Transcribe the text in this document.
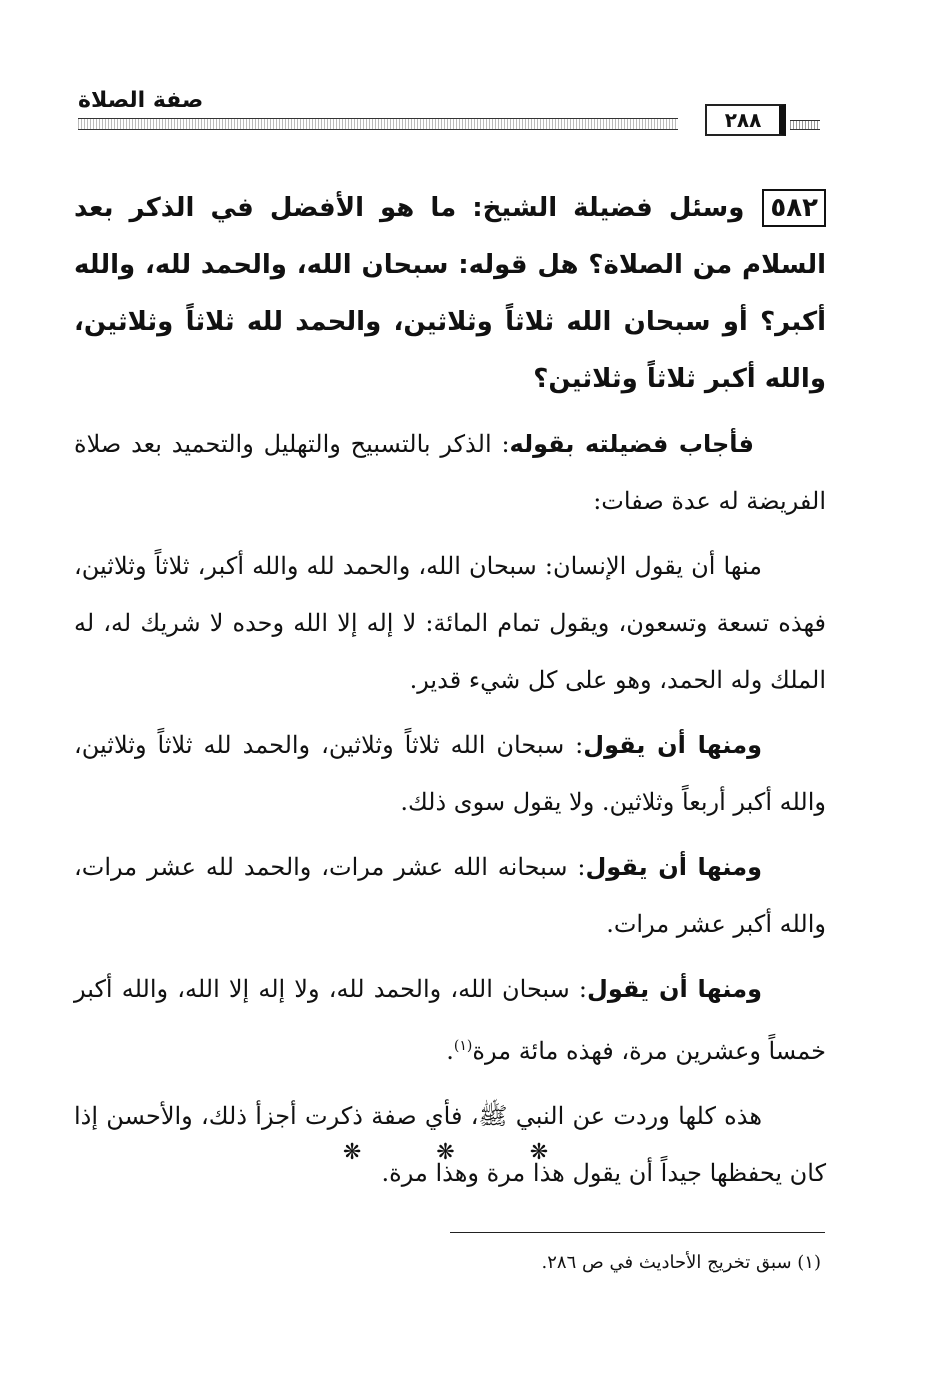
صفة الصلاة
٢٨٨

٥٨٢وسئل فضيلة الشيخ: ما هو الأفضل في الذكر بعد السلام من الصلاة؟ هل قوله: سبحان الله، والحمد لله، والله أكبر؟ أو سبحان الله ثلاثاً وثلاثين، والحمد لله ثلاثاً وثلاثين، والله أكبر ثلاثاً وثلاثين؟

فأجاب فضيلته بقوله: الذكر بالتسبيح والتهليل والتحميد بعد صلاة الفريضة له عدة صفات:

منها أن يقول الإنسان: سبحان الله، والحمد لله والله أكبر، ثلاثاً وثلاثين، فهذه تسعة وتسعون، ويقول تمام المائة: لا إله إلا الله وحده لا شريك له، له الملك وله الحمد، وهو على كل شيء قدير.

ومنها أن يقول: سبحان الله ثلاثاً وثلاثين، والحمد لله ثلاثاً وثلاثين، والله أكبر أربعاً وثلاثين. ولا يقول سوى ذلك.

ومنها أن يقول: سبحانه الله عشر مرات، والحمد لله عشر مرات، والله أكبر عشر مرات.

ومنها أن يقول: سبحان الله، والحمد لله، ولا إله إلا الله، والله أكبر خمساً وعشرين مرة، فهذه مائة مرة$^{(١)}$.

هذه كلها وردت عن النبي ﷺ، فأي صفة ذكرت أجزأ ذلك، والأحسن إذا كان يحفظها جيداً أن يقول هذا مرة وهذا مرة.

❋ ❋ ❋
(١) سبق تخريج الأحاديث في ص ٢٨٦.
